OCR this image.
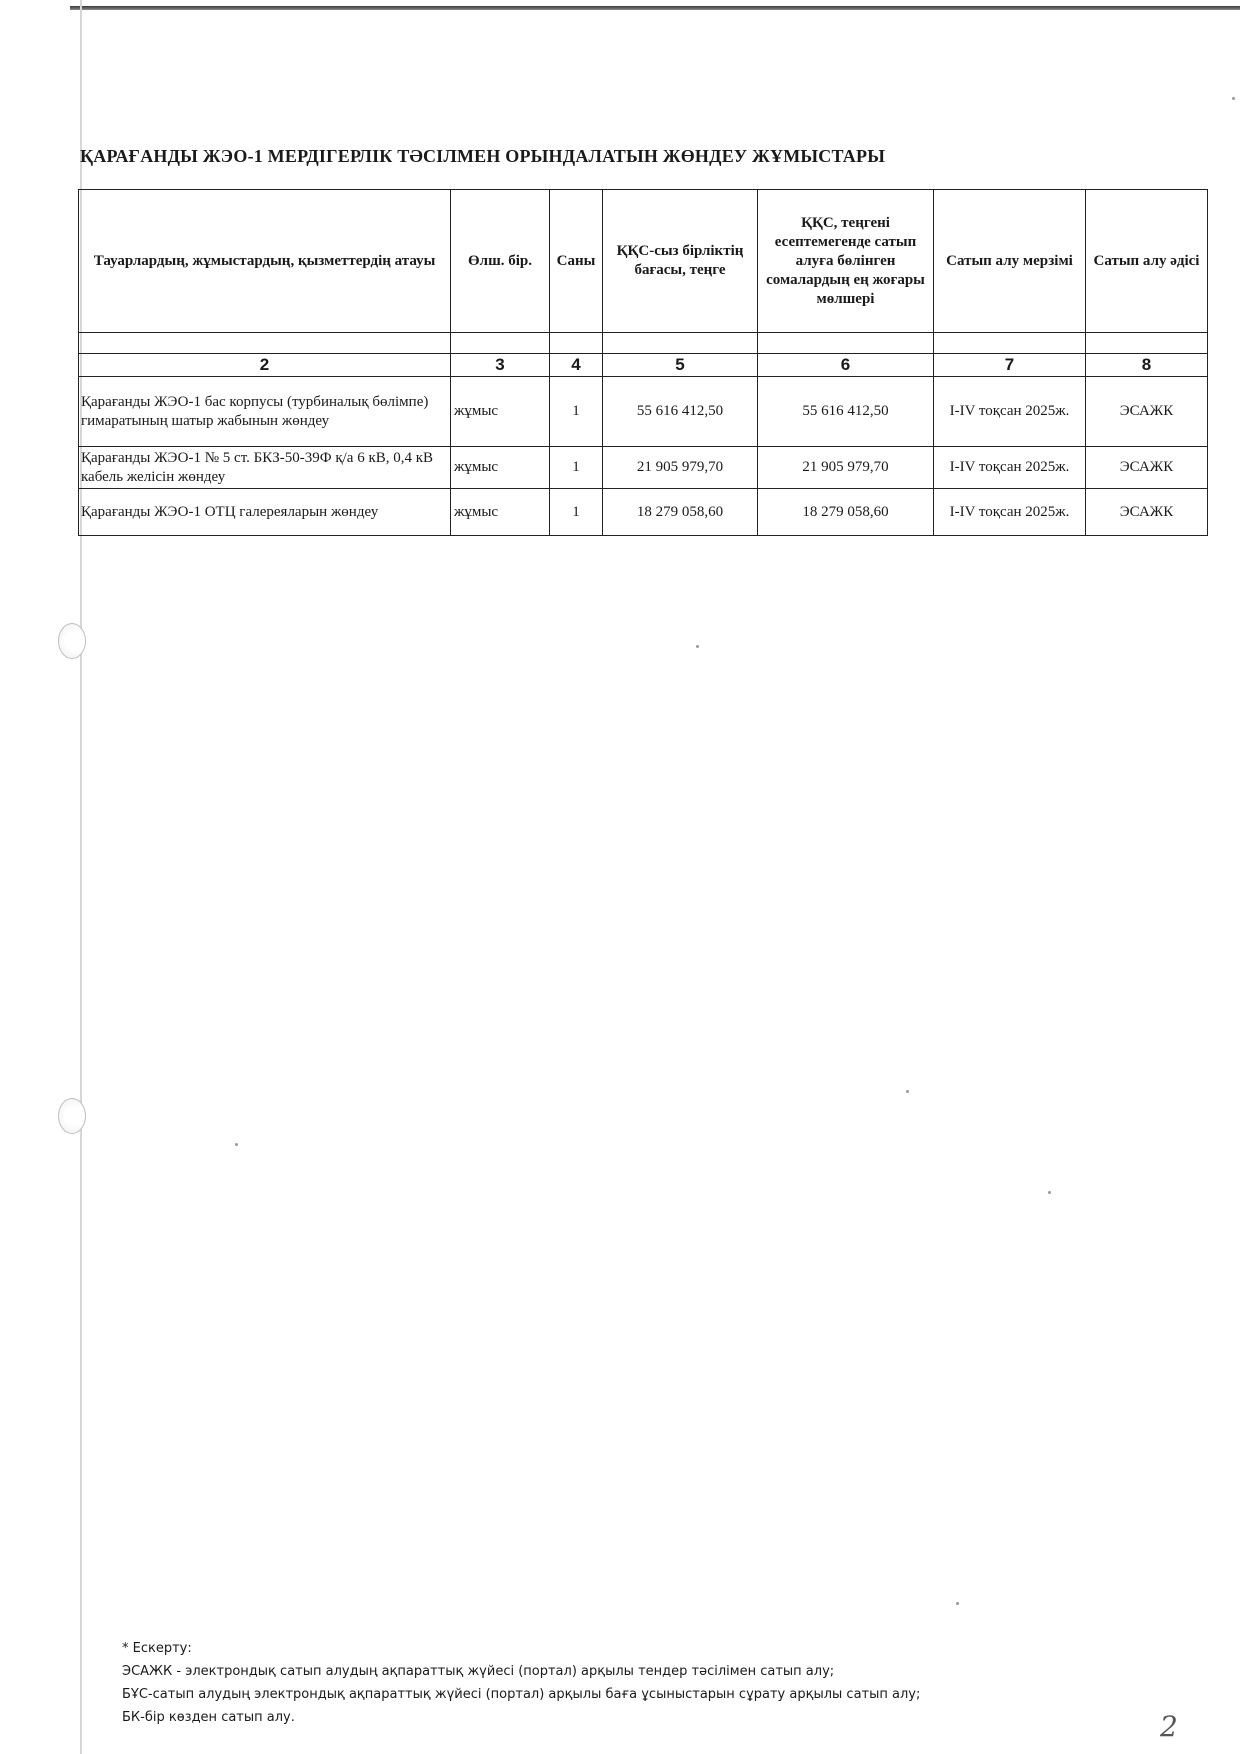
ҚАРАҒАНДЫ ЖЭО-1 МЕРДІГЕРЛІК ТӘСІЛМЕН ОРЫНДАЛАТЫН ЖӨНДЕУ ЖҰМЫСТАРЫ
Тауарлардың, жұмыстардың, қызметтердің атауы	Өлш. бір.	Саны	ҚҚС-сыз бірліктің бағасы, теңге	ҚҚС, теңгені есептемегенде сатып алуға бөлінген сомалардың ең жоғары мөлшері	Сатып алу мерзімі	Сатып алу әдісі

2	3	4	5	6	7	8
Қарағанды ЖЭО-1 бас корпусы (турбиналық бөлімпе) гимаратының шатыр жабынын жөндеу	жұмыс	1	55 616 412,50	55 616 412,50	I-IV тоқсан 2025ж.	ЭСАЖК
Қарағанды ЖЭО-1 № 5 ст. БКЗ-50-39Ф қ/а 6 кВ, 0,4 кВ кабель желісін жөндеу	жұмыс	1	21 905 979,70	21 905 979,70	I-IV тоқсан 2025ж.	ЭСАЖК
Қарағанды ЖЭО-1 ОТЦ галереяларын жөндеу	жұмыс	1	18 279 058,60	18 279 058,60	I-IV тоқсан 2025ж.	ЭСАЖК
* Ескерту:
ЭСАЖК - электрондық сатып алудың ақпараттық жүйесі (портал) арқылы тендер тәсілімен сатып алу;
БҰС-сатып алудың электрондық ақпараттық жүйесі (портал) арқылы баға ұсыныстарын сұрату арқылы сатып алу;
БК-бір көзден сатып алу.	2
